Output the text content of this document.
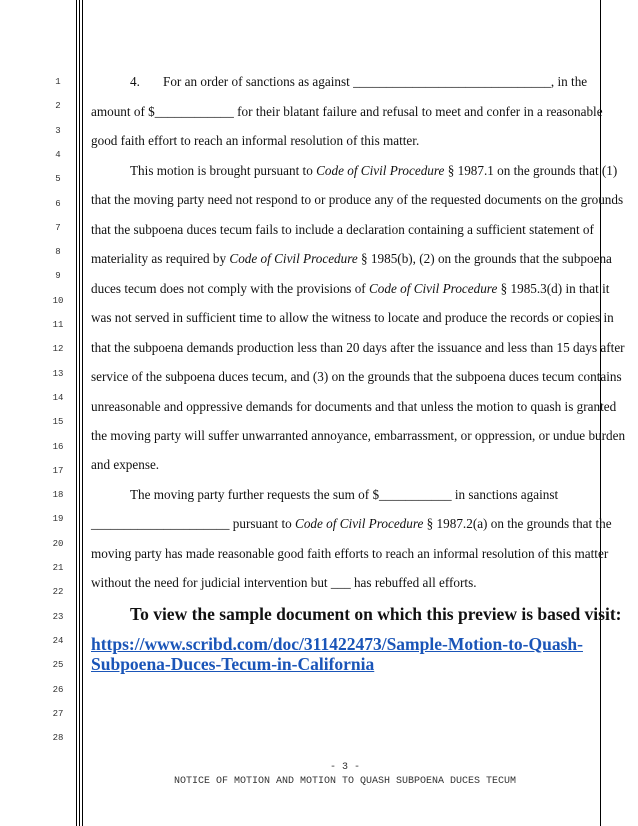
1
2
3
4
5
6
7
8
9
10
11
12
13
14
15
16
17
18
19
20
21
22
23
24
25
26
27
28
4. For an order of sanctions as against ______________________________, in the
amount of $____________ for their blatant failure and refusal to meet and confer in a reasonable
good faith effort to reach an informal resolution of this matter.
This motion is brought pursuant to Code of Civil Procedure § 1987.1 on the grounds that (1)
that the moving party need not respond to or produce any of the requested documents on the grounds
that the subpoena duces tecum fails to include a declaration containing a sufficient statement of
materiality as required by Code of Civil Procedure § 1985(b), (2) on the grounds that the subpoena
duces tecum does not comply with the provisions of Code of Civil Procedure § 1985.3(d) in that it
was not served in sufficient time to allow the witness to locate and produce the records or copies in
that the subpoena demands production less than 20 days after the issuance and less than 15 days after
service of the subpoena duces tecum, and (3) on the grounds that the subpoena duces tecum contains
unreasonable and oppressive demands for documents and that unless the motion to quash is granted
the moving party will suffer unwarranted annoyance, embarrassment, or oppression, or undue burden
and expense.
The moving party further requests the sum of $___________ in sanctions against
_____________________ pursuant to Code of Civil Procedure § 1987.2(a) on the grounds that the
moving party has made reasonable good faith efforts to reach an informal resolution of this matter
without the need for judicial intervention but ___ has rebuffed all efforts.
To view the sample document on which this preview is based visit:
https://www.scribd.com/doc/311422473/Sample-Motion-to-Quash-
Subpoena-Duces-Tecum-in-California
- 3 -
NOTICE OF MOTION AND MOTION TO QUASH SUBPOENA DUCES TECUM
